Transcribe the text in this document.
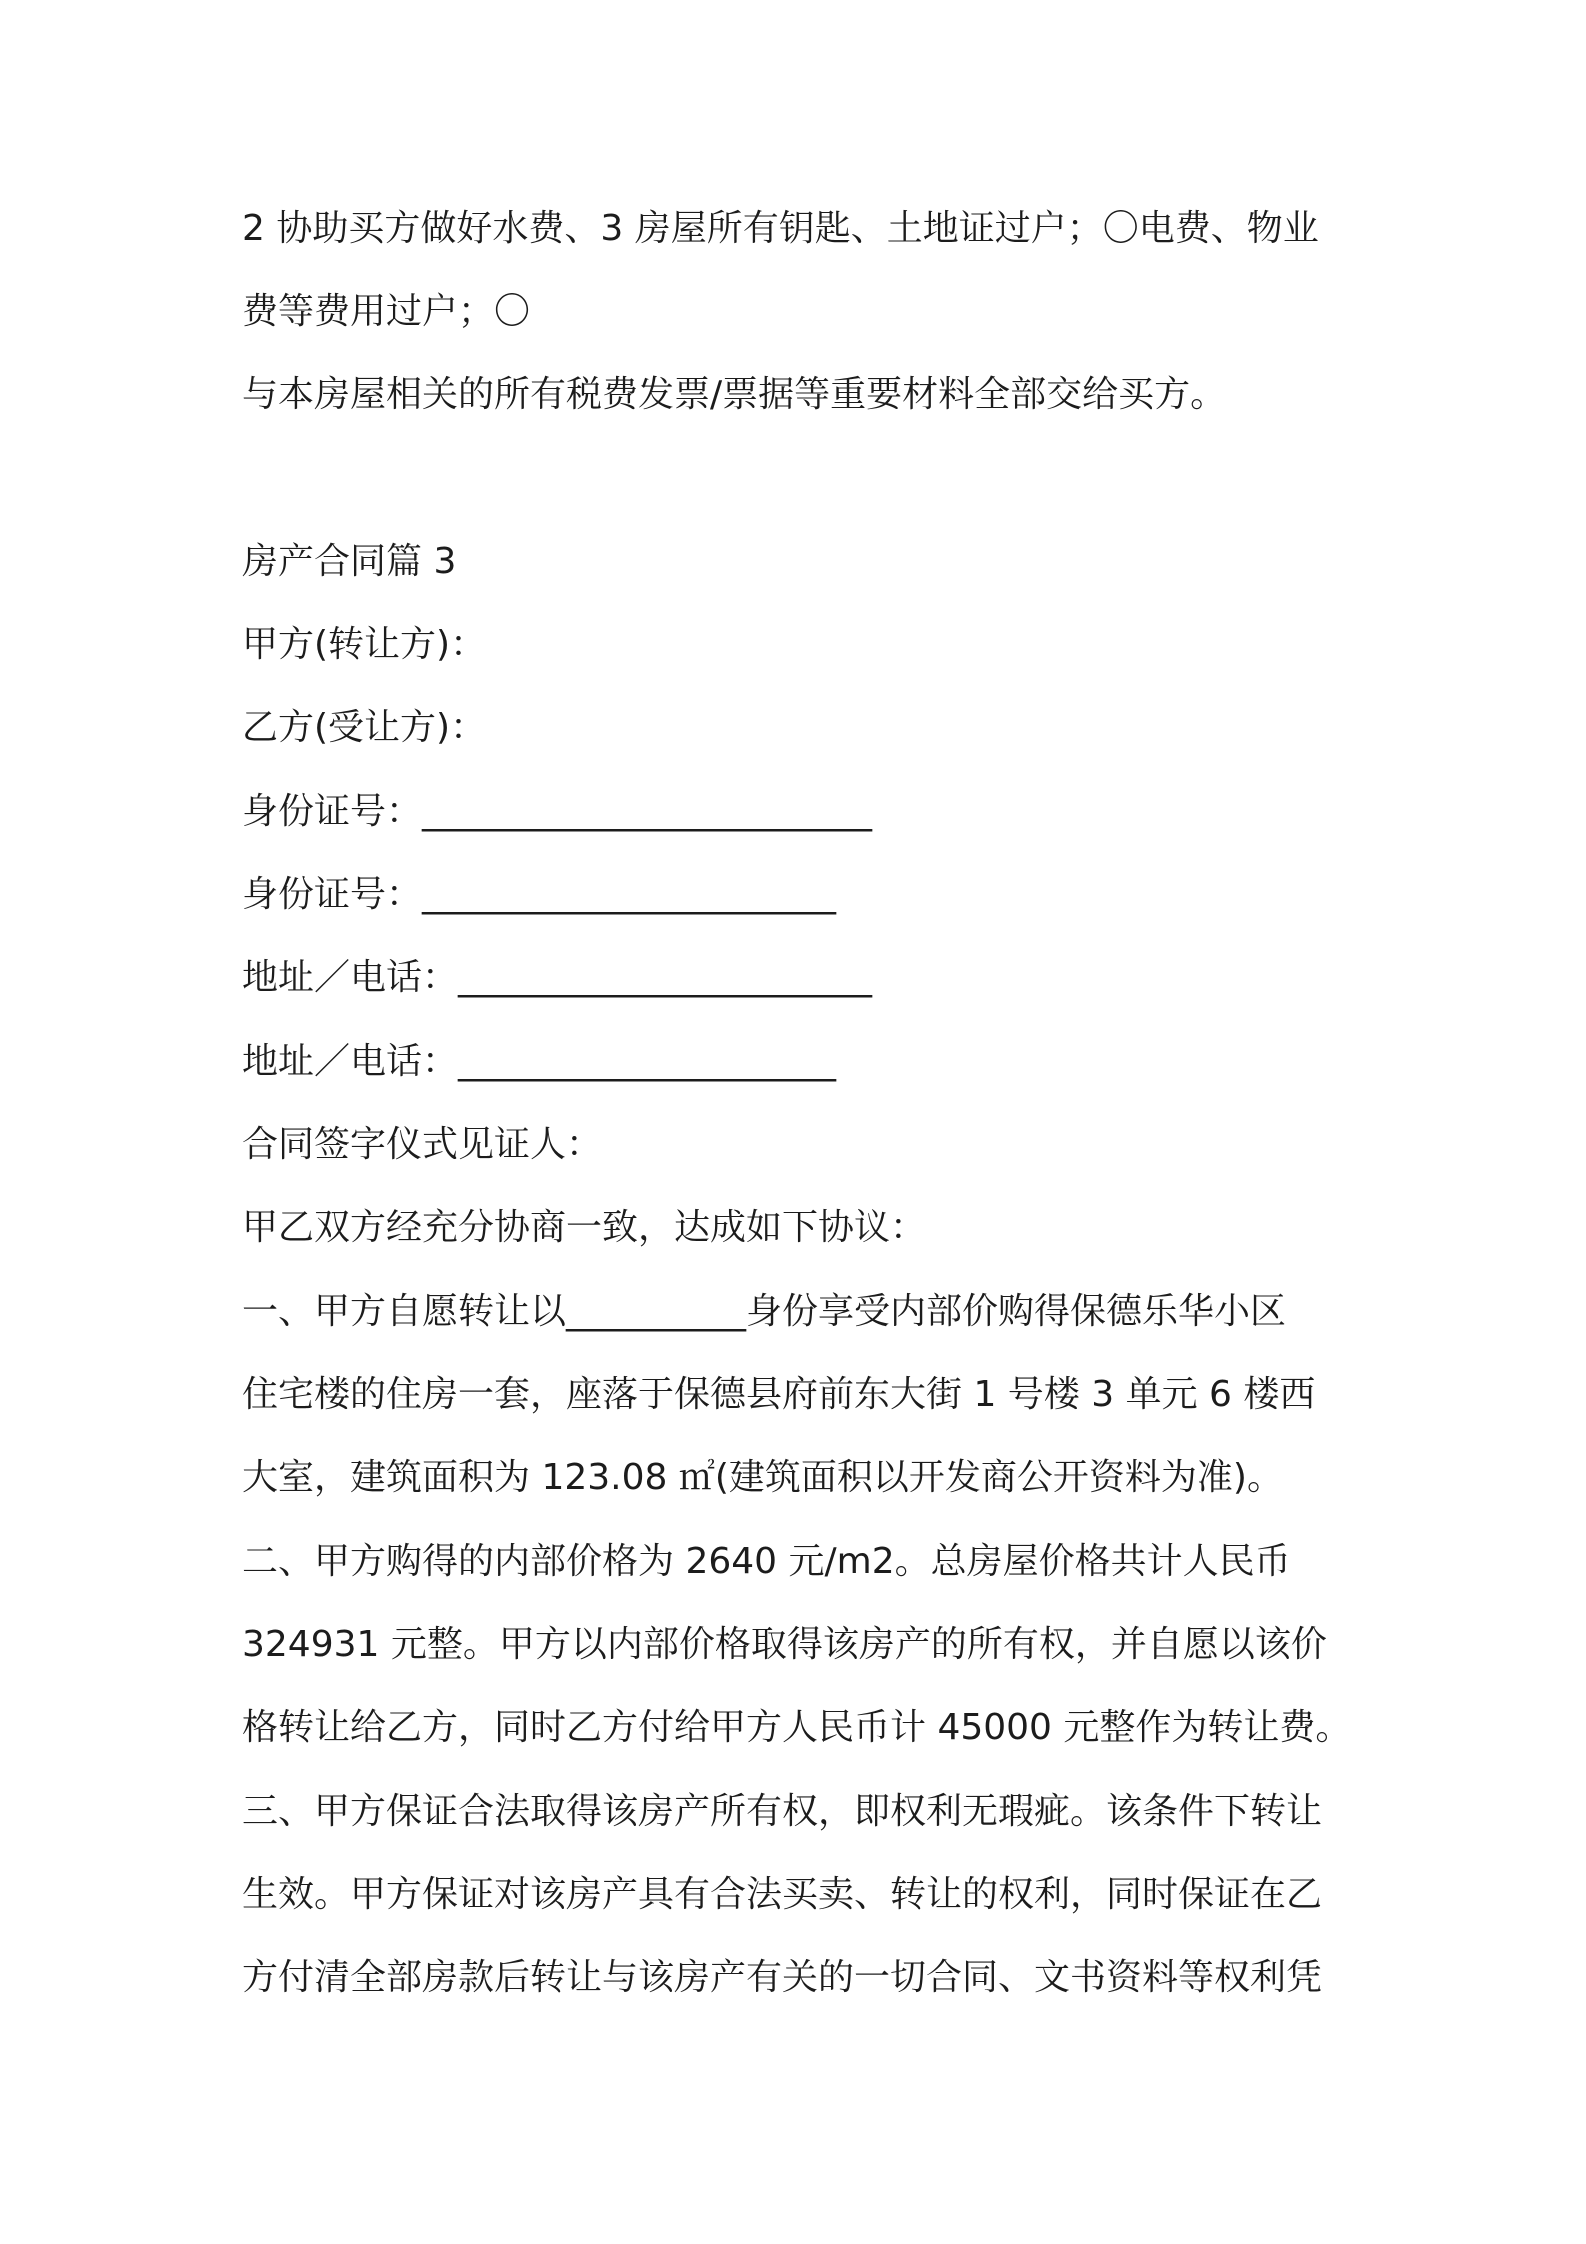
2 协助买方做好水费、3 房屋所有钥匙、土地证过户；〇电费、物业
费等费用过户；〇
与本房屋相关的所有税费发票/票据等重要材料全部交给买方。
房产合同篇 3
甲方(转让方)：
乙方(受让方)：
身份证号：_________________________
身份证号：_______________________
地址／电话：_______________________
地址／电话：_____________________
合同签字仪式见证人：
甲乙双方经充分协商一致，达成如下协议：
一、甲方自愿转让以__________身份享受内部价购得保德乐华小区
住宅楼的住房一套，座落于保德县府前东大街 1 号楼 3 单元 6 楼西
大室，建筑面积为 123.08 ㎡(建筑面积以开发商公开资料为准)。
二、甲方购得的内部价格为 2640 元/m2。总房屋价格共计人民币
324931 元整。甲方以内部价格取得该房产的所有权，并自愿以该价
格转让给乙方，同时乙方付给甲方人民币计 45000 元整作为转让费。
三、甲方保证合法取得该房产所有权，即权利无瑕疵。该条件下转让
生效。甲方保证对该房产具有合法买卖、转让的权利，同时保证在乙
方付清全部房款后转让与该房产有关的一切合同、文书资料等权利凭
